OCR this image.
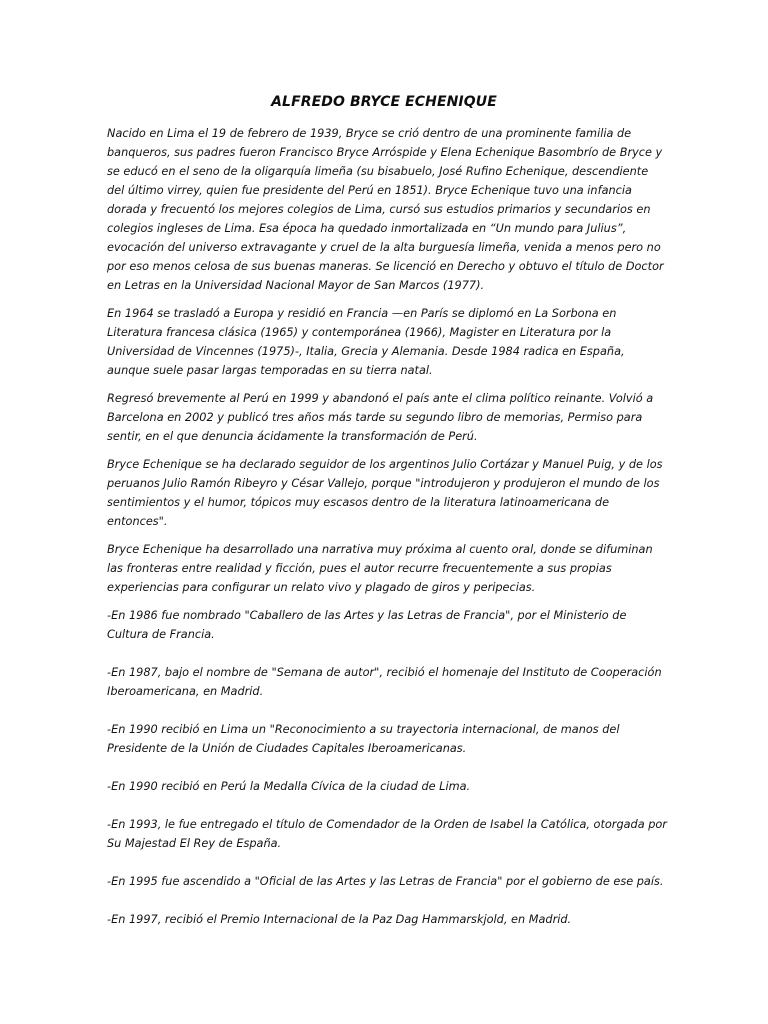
ALFREDO BRYCE ECHENIQUE

Nacido en Lima el 19 de febrero de 1939, Bryce se crió dentro de una prominente familia de banqueros, sus padres fueron Francisco Bryce Arróspide y Elena Echenique Basombrío de Bryce y se educó en el seno de la oligarquía limeña (su bisabuelo, José Rufino Echenique, descendiente del último virrey, quien fue presidente del Perú en 1851). Bryce Echenique tuvo una infancia dorada y frecuentó los mejores colegios de Lima, cursó sus estudios primarios y secundarios en colegios ingleses de Lima. Esa época ha quedado inmortalizada en “Un mundo para Julius”, evocación del universo extravagante y cruel de la alta burguesía limeña, venida a menos pero no por eso menos celosa de sus buenas maneras. Se licenció en Derecho y obtuvo el título de Doctor en Letras en la Universidad Nacional Mayor de San Marcos (1977).

En 1964 se trasladó a Europa y residió en Francia —en París se diplomó en La Sorbona en Literatura francesa clásica (1965) y contemporánea (1966), Magister en Literatura por la Universidad de Vincennes (1975)-, Italia, Grecia y Alemania. Desde 1984 radica en España, aunque suele pasar largas temporadas en su tierra natal.

Regresó brevemente al Perú en 1999 y abandonó el país ante el clima político reinante. Volvió a Barcelona en 2002 y publicó tres años más tarde su segundo libro de memorias, Permiso para sentir, en el que denuncia ácidamente la transformación de Perú.

Bryce Echenique se ha declarado seguidor de los argentinos Julio Cortázar y Manuel Puig, y de los peruanos Julio Ramón Ribeyro y César Vallejo, porque "introdujeron y produjeron el mundo de los sentimientos y el humor, tópicos muy escasos dentro de la literatura latinoamericana de entonces".

Bryce Echenique ha desarrollado una narrativa muy próxima al cuento oral, donde se difuminan las fronteras entre realidad y ficción, pues el autor recurre frecuentemente a sus propias experiencias para configurar un relato vivo y plagado de giros y peripecias.

-En 1986 fue nombrado "Caballero de las Artes y las Letras de Francia", por el Ministerio de Cultura de Francia.

-En 1987, bajo el nombre de "Semana de autor", recibió el homenaje del Instituto de Cooperación Iberoamericana, en Madrid.

-En 1990 recibió en Lima un "Reconocimiento a su trayectoria internacional, de manos del Presidente de la Unión de Ciudades Capitales Iberoamericanas.

-En 1990 recibió en Perú la Medalla Cívica de la ciudad de Lima.

-En 1993, le fue entregado el título de Comendador de la Orden de Isabel la Católica, otorgada por Su Majestad El Rey de España.

-En 1995 fue ascendido a "Oficial de las Artes y las Letras de Francia" por el gobierno de ese país.

-En 1997, recibió el Premio Internacional de la Paz Dag Hammarskjold, en Madrid.
